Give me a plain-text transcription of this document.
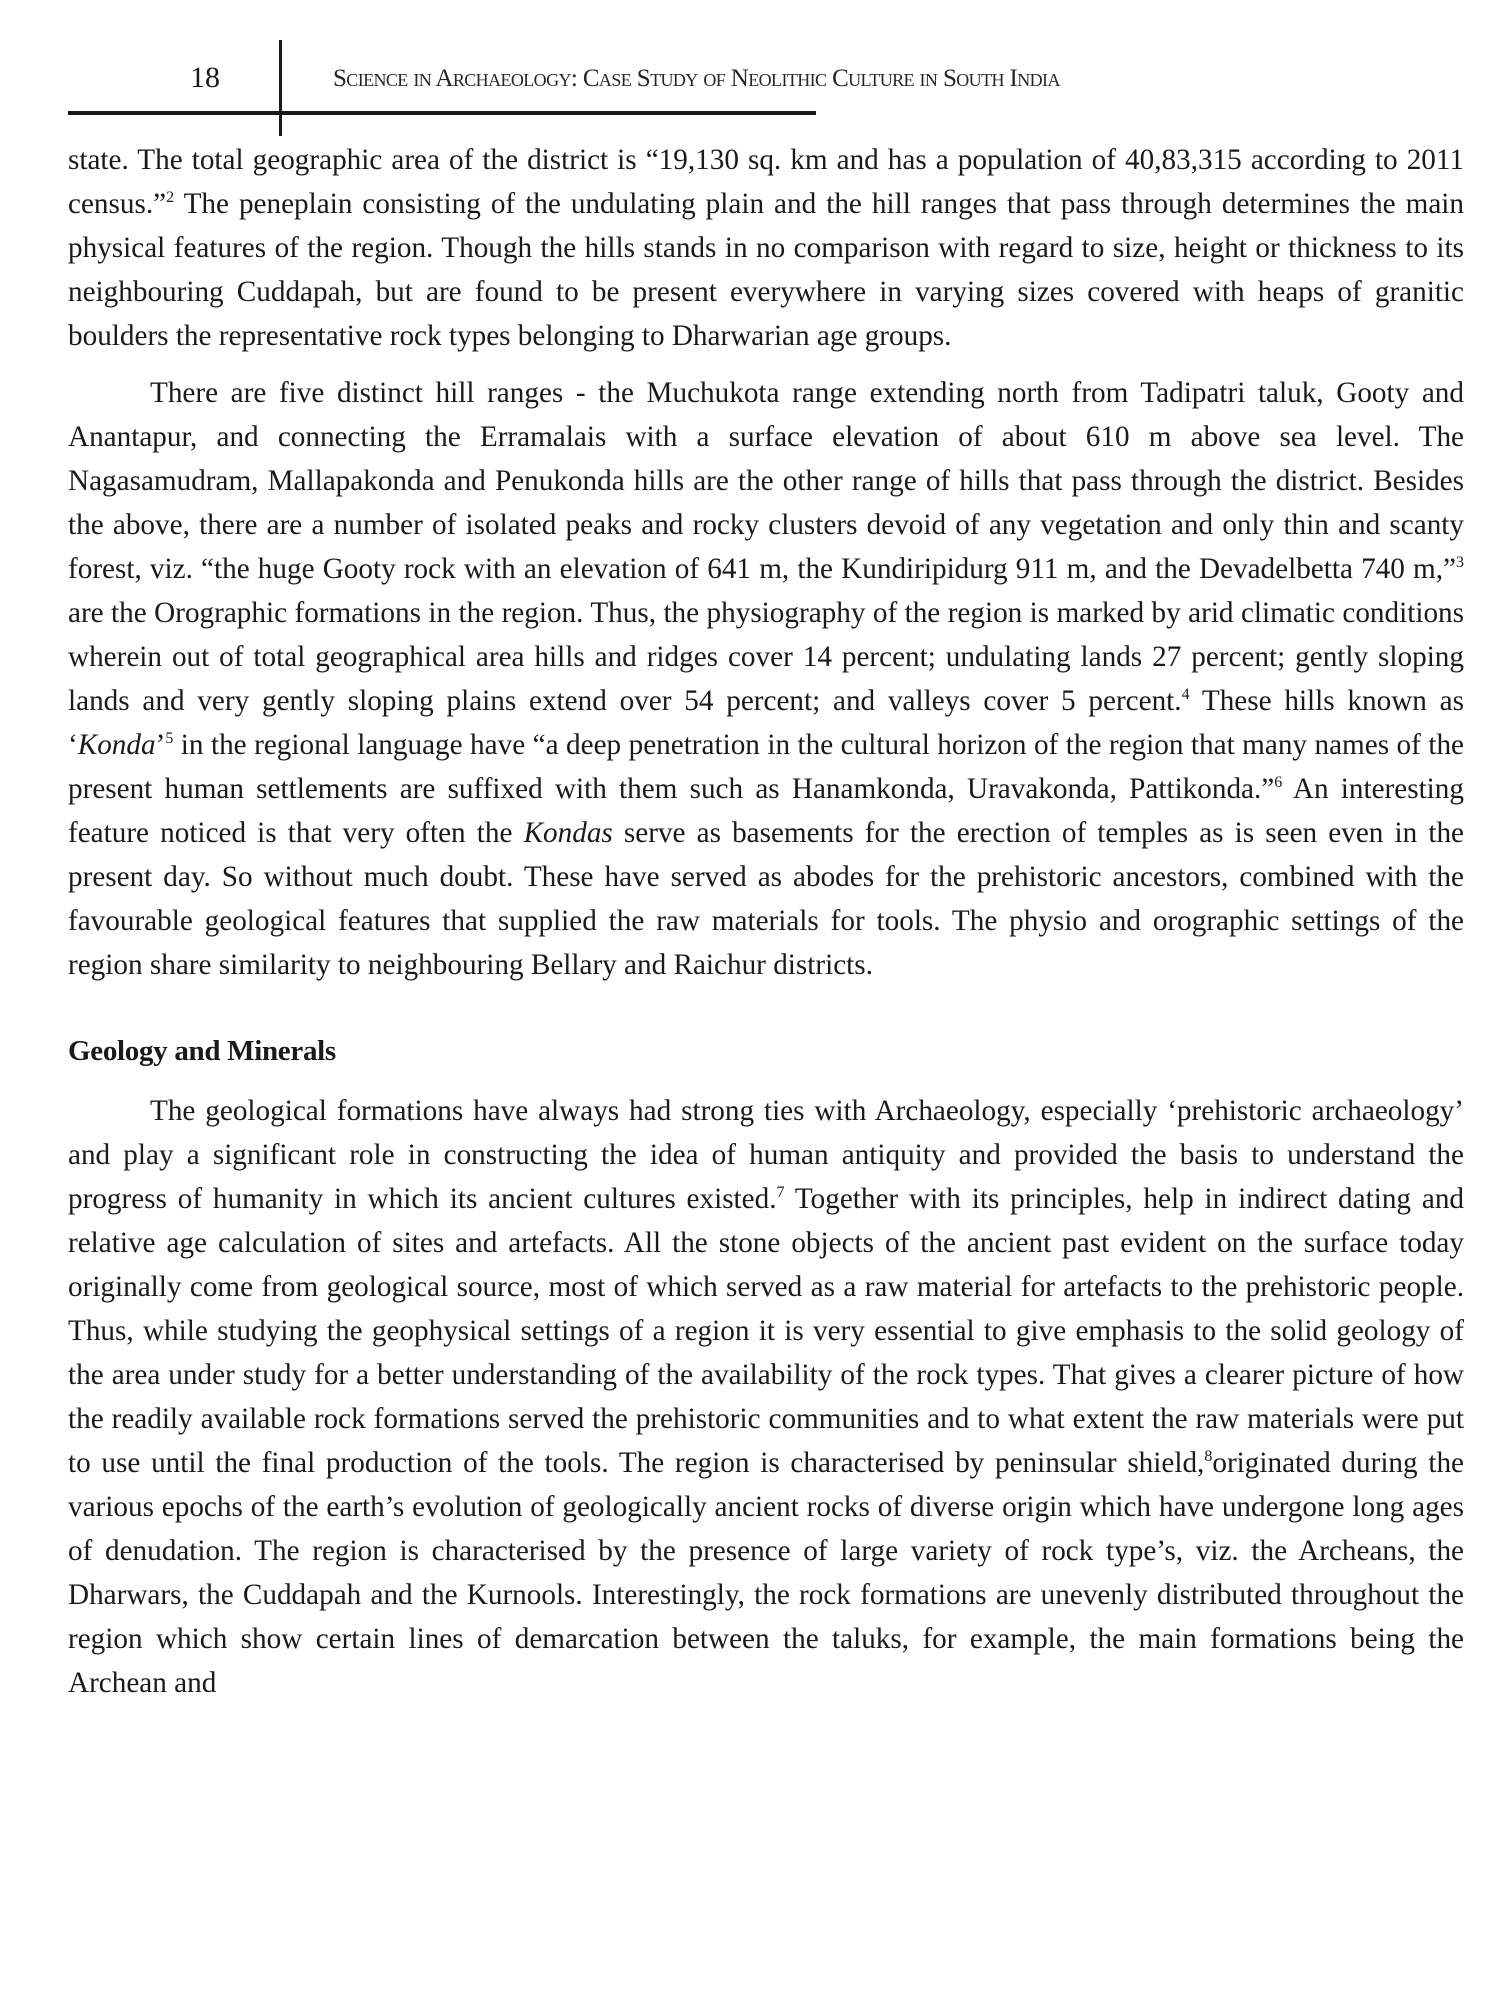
18	Science in Archaeology: Case Study of Neolithic Culture in South India

state. The total geographic area of the district is “19,130 sq. km and has a population of 40,83,315 according to 2011 census.”$^2$ The peneplain consisting of the undulating plain and the hill ranges that pass through determines the main physical features of the region. Though the hills stands in no comparison with regard to size, height or thickness to its neighbouring Cuddapah, but are found to be present everywhere in varying sizes covered with heaps of granitic boulders the representative rock types belonging to Dharwarian age groups.

There are five distinct hill ranges - the Muchukota range extending north from Tadipatri taluk, Gooty and Anantapur, and connecting the Erramalais with a surface elevation of about 610 m above sea level. The Nagasamudram, Mallapakonda and Penukonda hills are the other range of hills that pass through the district. Besides the above, there are a number of isolated peaks and rocky clusters devoid of any vegetation and only thin and scanty forest, viz. “the huge Gooty rock with an elevation of 641 m, the Kundiripidurg 911 m, and the Devadelbetta 740 m,”$^3$ are the Orographic formations in the region. Thus, the physiography of the region is marked by arid climatic conditions wherein out of total geographical area hills and ridges cover 14 percent; undulating lands 27 percent; gently sloping lands and very gently sloping plains extend over 54 percent; and valleys cover 5 percent.$^4$ These hills known as ‘Konda’$^5$ in the regional language have “a deep penetration in the cultural horizon of the region that many names of the present human settlements are suffixed with them such as Hanamkonda, Uravakonda, Pattikonda.”$^6$ An interesting feature noticed is that very often the Kondas serve as basements for the erection of temples as is seen even in the present day. So without much doubt. These have served as abodes for the prehistoric ancestors, combined with the favourable geological features that supplied the raw materials for tools. The physio and orographic settings of the region share similarity to neighbouring Bellary and Raichur districts.

Geology and Minerals

The geological formations have always had strong ties with Archaeology, especially ‘prehistoric archaeology’ and play a significant role in constructing the idea of human antiquity and provided the basis to understand the progress of humanity in which its ancient cultures existed.$^7$ Together with its principles, help in indirect dating and relative age calculation of sites and artefacts. All the stone objects of the ancient past evident on the surface today originally come from geological source, most of which served as a raw material for artefacts to the prehistoric people. Thus, while studying the geophysical settings of a region it is very essential to give emphasis to the solid geology of the area under study for a better understanding of the availability of the rock types. That gives a clearer picture of how the readily available rock formations served the prehistoric communities and to what extent the raw materials were put to use until the final production of the tools. The region is characterised by peninsular shield,$^8$originated during the various epochs of the earth’s evolution of geologically ancient rocks of diverse origin which have undergone long ages of denudation. The region is characterised by the presence of large variety of rock type’s, viz. the Archeans, the Dharwars, the Cuddapah and the Kurnools. Interestingly, the rock formations are unevenly distributed throughout the region which show certain lines of demarcation between the taluks, for example, the main formations being the Archean and
